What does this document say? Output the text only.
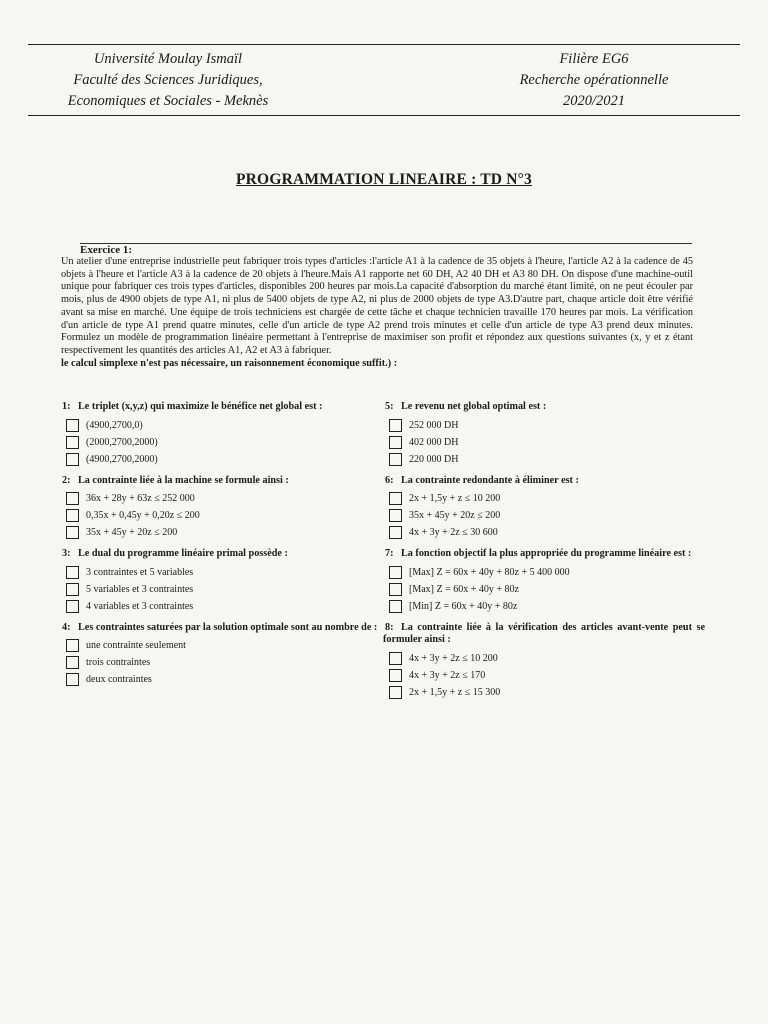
Université Moulay Ismaïl
Faculté des Sciences Juridiques,
Economiques et Sociales - Meknès
Filière EG6
Recherche opérationnelle
2020/2021
PROGRAMMATION LINEAIRE : TD N°3
Exercice 1:
Un atelier d'une entreprise industrielle peut fabriquer trois types d'articles :l'article A1 à la cadence de 35 objets à l'heure, l'article A2 à la cadence de 45 objets à l'heure et l'article A3 à la cadence de 20 objets à l'heure.Mais A1 rapporte net 60 DH, A2 40 DH et A3 80 DH. On dispose d'une machine-outil unique pour fabriquer ces trois types d'articles, disponibles 200 heures par mois.La capacité d'absorption du marché étant limité, on ne peut écouler par mois, plus de 4900 objets de type A1, ni plus de 5400 objets de type A2, ni plus de 2000 objets de type A3.D'autre part, chaque article doit être vérifié avant sa mise en marché. Une équipe de trois techniciens est chargée de cette tâche et chaque technicien travaille 170 heures par mois. La vérification d'un article de type A1 prend quatre minutes, celle d'un article de type A2 prend trois minutes et celle d'un article de type A3 prend deux minutes. Formulez un modèle de programmation linéaire permettant à l'entreprise de maximiser son profit et répondez aux questions suivantes (x, y et z étant respectivement les quantités des articles A1, A2 et A3 à fabriquer.
le calcul simplexe n'est pas nécessaire, un raisonnement économique suffit.) :
1: Le triplet (x,y,z) qui maximize le bénéfice net global est :
(4900,2700,0)
(2000,2700,2000)
(4900,2700,2000)
2: La contrainte liée à la machine se formule ainsi :
36x + 28y + 63z ≤ 252 000
0,35x + 0,45y + 0,20z ≤ 200
35x + 45y + 20z ≤ 200
3: Le dual du programme linéaire primal possède :
3 contraintes et 5 variables
5 variables et 3 contraintes
4 variables et 3 contraintes
4: Les contraintes saturées par la solution optimale sont au nombre de :
une contrainte seulement
trois contraintes
deux contraintes
5: Le revenu net global optimal est :
252 000 DH
402 000 DH
220 000 DH
6: La contrainte redondante à éliminer est :
2x + 1,5y + z ≤ 10 200
35x + 45y + 20z ≤ 200
4x + 3y + 2z ≤ 30 600
7: La fonction objectif la plus appropriée du programme linéaire est :
[Max] Z = 60x + 40y + 80z + 5 400 000
[Max] Z = 60x + 40y + 80z
[Min] Z = 60x + 40y + 80z
8: La contrainte liée à la vérification des articles avant-vente peut se formuler ainsi :
4x + 3y + 2z ≤ 10 200
4x + 3y + 2z ≤ 170
2x + 1,5y + z ≤ 15 300
